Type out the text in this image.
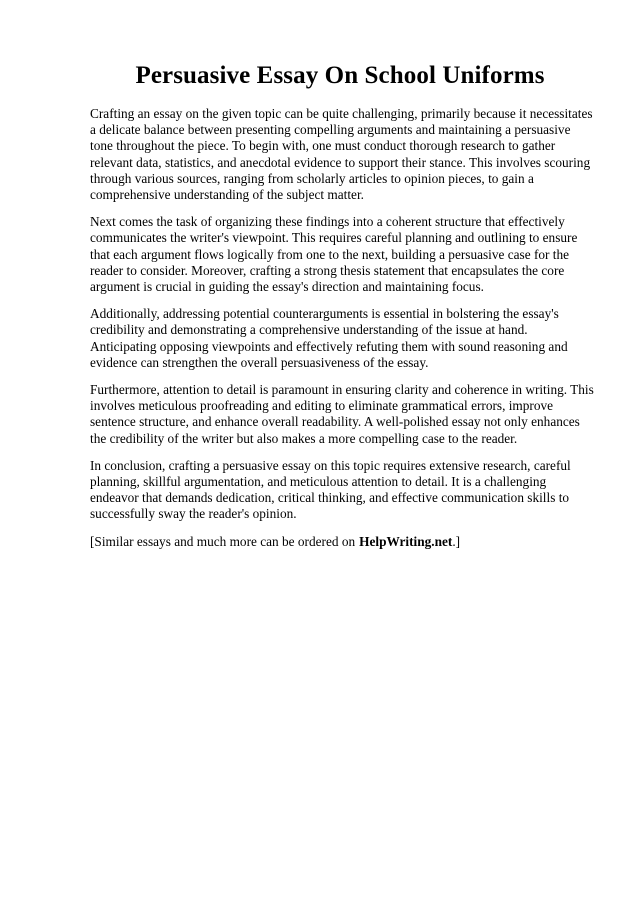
Persuasive Essay On School Uniforms

Crafting an essay on the given topic can be quite challenging, primarily because it necessitates a delicate balance between presenting compelling arguments and maintaining a persuasive tone throughout the piece. To begin with, one must conduct thorough research to gather relevant data, statistics, and anecdotal evidence to support their stance. This involves scouring through various sources, ranging from scholarly articles to opinion pieces, to gain a comprehensive understanding of the subject matter.

Next comes the task of organizing these findings into a coherent structure that effectively communicates the writer's viewpoint. This requires careful planning and outlining to ensure that each argument flows logically from one to the next, building a persuasive case for the reader to consider. Moreover, crafting a strong thesis statement that encapsulates the core argument is crucial in guiding the essay's direction and maintaining focus.

Additionally, addressing potential counterarguments is essential in bolstering the essay's credibility and demonstrating a comprehensive understanding of the issue at hand. Anticipating opposing viewpoints and effectively refuting them with sound reasoning and evidence can strengthen the overall persuasiveness of the essay.

Furthermore, attention to detail is paramount in ensuring clarity and coherence in writing. This involves meticulous proofreading and editing to eliminate grammatical errors, improve sentence structure, and enhance overall readability. A well-polished essay not only enhances the credibility of the writer but also makes a more compelling case to the reader.

In conclusion, crafting a persuasive essay on this topic requires extensive research, careful planning, skillful argumentation, and meticulous attention to detail. It is a challenging endeavor that demands dedication, critical thinking, and effective communication skills to successfully sway the reader's opinion.

[Similar essays and much more can be ordered on HelpWriting.net.]
